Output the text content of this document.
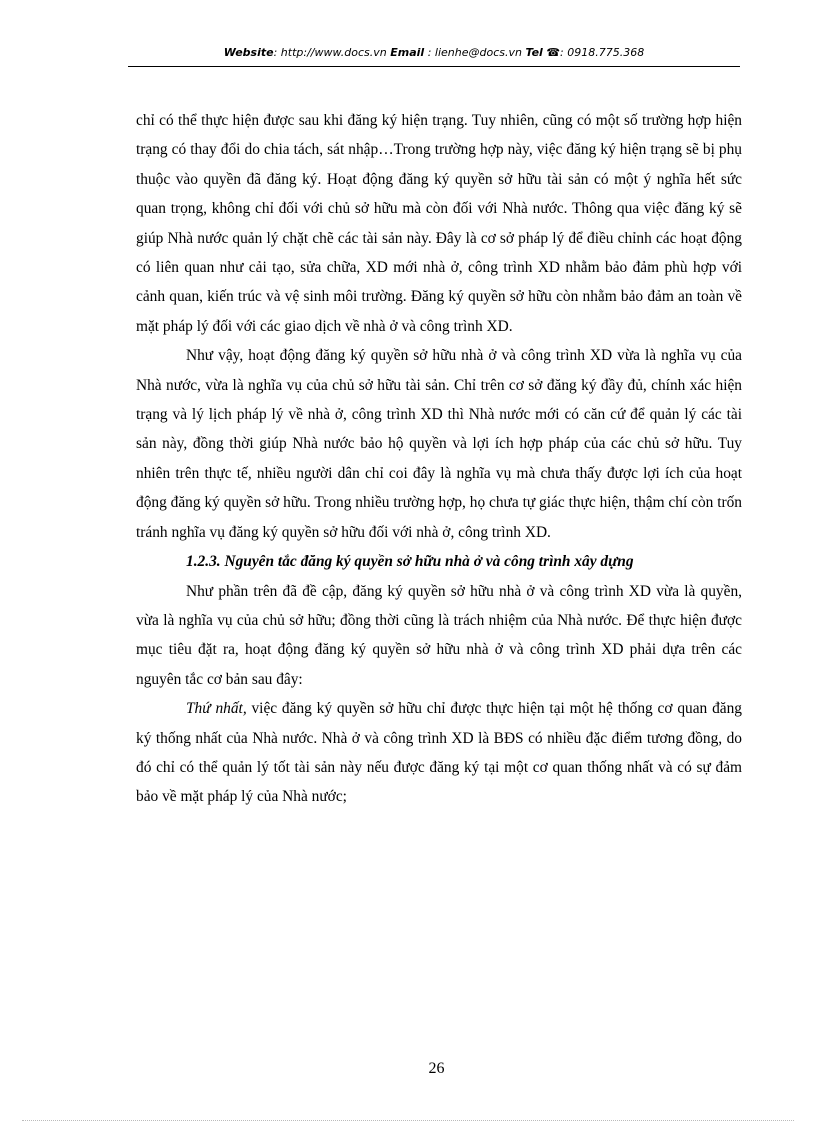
Website: http://www.docs.vn Email : lienhe@docs.vn Tel ☎: 0918.775.368

chỉ có thể thực hiện được sau khi đăng ký hiện trạng. Tuy nhiên, cũng có một số trường hợp hiện trạng có thay đổi do chia tách, sát nhập…Trong trường hợp này, việc đăng ký hiện trạng sẽ bị phụ thuộc vào quyền đã đăng ký. Hoạt động đăng ký quyền sở hữu tài sản có một ý nghĩa hết sức quan trọng, không chỉ đối với chủ sở hữu mà còn đối với Nhà nước. Thông qua việc đăng ký sẽ giúp Nhà nước quản lý chặt chẽ các tài sản này. Đây là cơ sở pháp lý để điều chỉnh các hoạt động có liên quan như cải tạo, sửa chữa, XD mới nhà ở, công trình XD nhằm bảo đảm phù hợp với cảnh quan, kiến trúc và vệ sinh môi trường. Đăng ký quyền sở hữu còn nhằm bảo đảm an toàn về mặt pháp lý đối với các giao dịch về nhà ở và công trình XD.

Như vậy, hoạt động đăng ký quyền sở hữu nhà ở và công trình XD vừa là nghĩa vụ của Nhà nước, vừa là nghĩa vụ của chủ sở hữu tài sản. Chỉ trên cơ sở đăng ký đầy đủ, chính xác hiện trạng và lý lịch pháp lý về nhà ở, công trình XD thì Nhà nước mới có căn cứ để quản lý các tài sản này, đồng thời giúp Nhà nước bảo hộ quyền và lợi ích hợp pháp của các chủ sở hữu. Tuy nhiên trên thực tế, nhiều người dân chỉ coi đây là nghĩa vụ mà chưa thấy được lợi ích của hoạt động đăng ký quyền sở hữu. Trong nhiều trường hợp, họ chưa tự giác thực hiện, thậm chí còn trốn tránh nghĩa vụ đăng ký quyền sở hữu đối với nhà ở, công trình XD.

1.2.3. Nguyên tắc đăng ký quyền sở hữu nhà ở và công trình xây dựng

Như phần trên đã đề cập, đăng ký quyền sở hữu nhà ở và công trình XD vừa là quyền, vừa là nghĩa vụ của chủ sở hữu; đồng thời cũng là trách nhiệm của Nhà nước. Để thực hiện được mục tiêu đặt ra, hoạt động đăng ký quyền sở hữu nhà ở và công trình XD phải dựa trên các nguyên tắc cơ bản sau đây:

Thứ nhất, việc đăng ký quyền sở hữu chỉ được thực hiện tại một hệ thống cơ quan đăng ký thống nhất của Nhà nước. Nhà ở và công trình XD là BĐS có nhiều đặc điểm tương đồng, do đó chỉ có thể quản lý tốt tài sản này nếu được đăng ký tại một cơ quan thống nhất và có sự đảm bảo về mặt pháp lý của Nhà nước;

26
